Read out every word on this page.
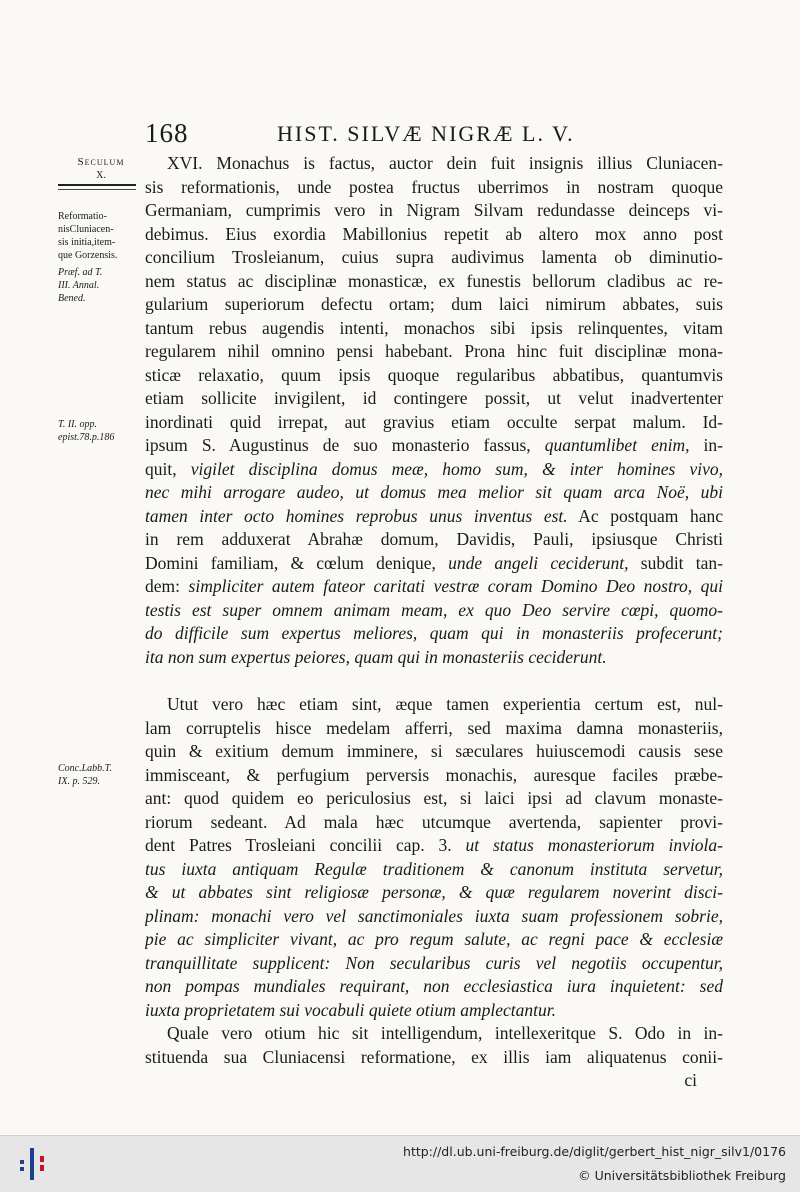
168	HIST. SILVÆ NIGRÆ L. V.
Seculum
X.
Reformatio-
nisCluniacen-
sis initia,item-
que Gorzensis.
Præf. ad T.
III. Annal.
Bened.
T. II. opp.
epist.78.p.186
Conc.Labb.T.
IX. p. 529.
XVI. Monachus is factus, auctor dein fuit insignis illius Cluniacen-
sis reformationis, unde postea fructus uberrimos in nostram quoque
Germaniam, cumprimis vero in Nigram Silvam redundasse deinceps vi-
debimus. Eius exordia Mabillonius repetit ab altero mox anno post
concilium Trosleianum, cuius supra audivimus lamenta ob diminutio-
nem status ac disciplinæ monasticæ, ex funestis bellorum cladibus ac re-
gularium superiorum defectu ortam; dum laici nimirum abbates, suis
tantum rebus augendis intenti, monachos sibi ipsis relinquentes, vitam
regularem nihil omnino pensi habebant. Prona hinc fuit disciplinæ mona-
sticæ relaxatio, quum ipsis quoque regularibus abbatibus, quantumvis
etiam sollicite invigilent, id contingere possit, ut velut inadvertenter
inordinati quid irrepat, aut gravius etiam occulte serpat malum. Id-
ipsum S. Augustinus de suo monasterio fassus, quantumlibet enim, in-
quit, vigilet disciplina domus meæ, homo sum, & inter homines vivo,
nec mihi arrogare audeo, ut domus mea melior sit quam arca Noë, ubi
tamen inter octo homines reprobus unus inventus est. Ac postquam hanc
in rem adduxerat Abrahæ domum, Davidis, Pauli, ipsiusque Christi
Domini familiam, & cœlum denique, unde angeli ceciderunt, subdit tan-
dem: simpliciter autem fateor caritati vestræ coram Domino Deo nostro, qui
testis est super omnem animam meam, ex quo Deo servire cœpi, quomo-
do difficile sum expertus meliores, quam qui in monasteriis profecerunt;
ita non sum expertus peiores, quam qui in monasteriis ceciderunt.
Utut vero hæc etiam sint, æque tamen experientia certum est, nul-
lam corruptelis hisce medelam afferri, sed maxima damna monasteriis,
quin & exitium demum imminere, si sæculares huiuscemodi causis sese
immisceant, & perfugium perversis monachis, auresque faciles præbe-
ant: quod quidem eo periculosius est, si laici ipsi ad clavum monaste-
riorum sedeant. Ad mala hæc utcumque avertenda, sapienter provi-
dent Patres Trosleiani concilii cap. 3. ut status monasteriorum inviola-
tus iuxta antiquam Regulæ traditionem & canonum instituta servetur,
& ut abbates sint religiosæ personæ, & quæ regularem noverint disci-
plinam: monachi vero vel sanctimoniales iuxta suam professionem sobrie,
pie ac simpliciter vivant, ac pro regum salute, ac regni pace & ecclesiæ
tranquillitate supplicent: Non secularibus curis vel negotiis occupentur,
non pompas mundiales requirant, non ecclesiastica iura inquietent: sed
iuxta proprietatem sui vocabuli quiete otium amplectantur.
Quale vero otium hic sit intelligendum, intellexeritque S. Odo in in-
stituenda sua Cluniacensi reformatione, ex illis iam aliquatenus conii-
ci
http://dl.ub.uni-freiburg.de/diglit/gerbert_hist_nigr_silv1/0176
© Universitätsbibliothek Freiburg
